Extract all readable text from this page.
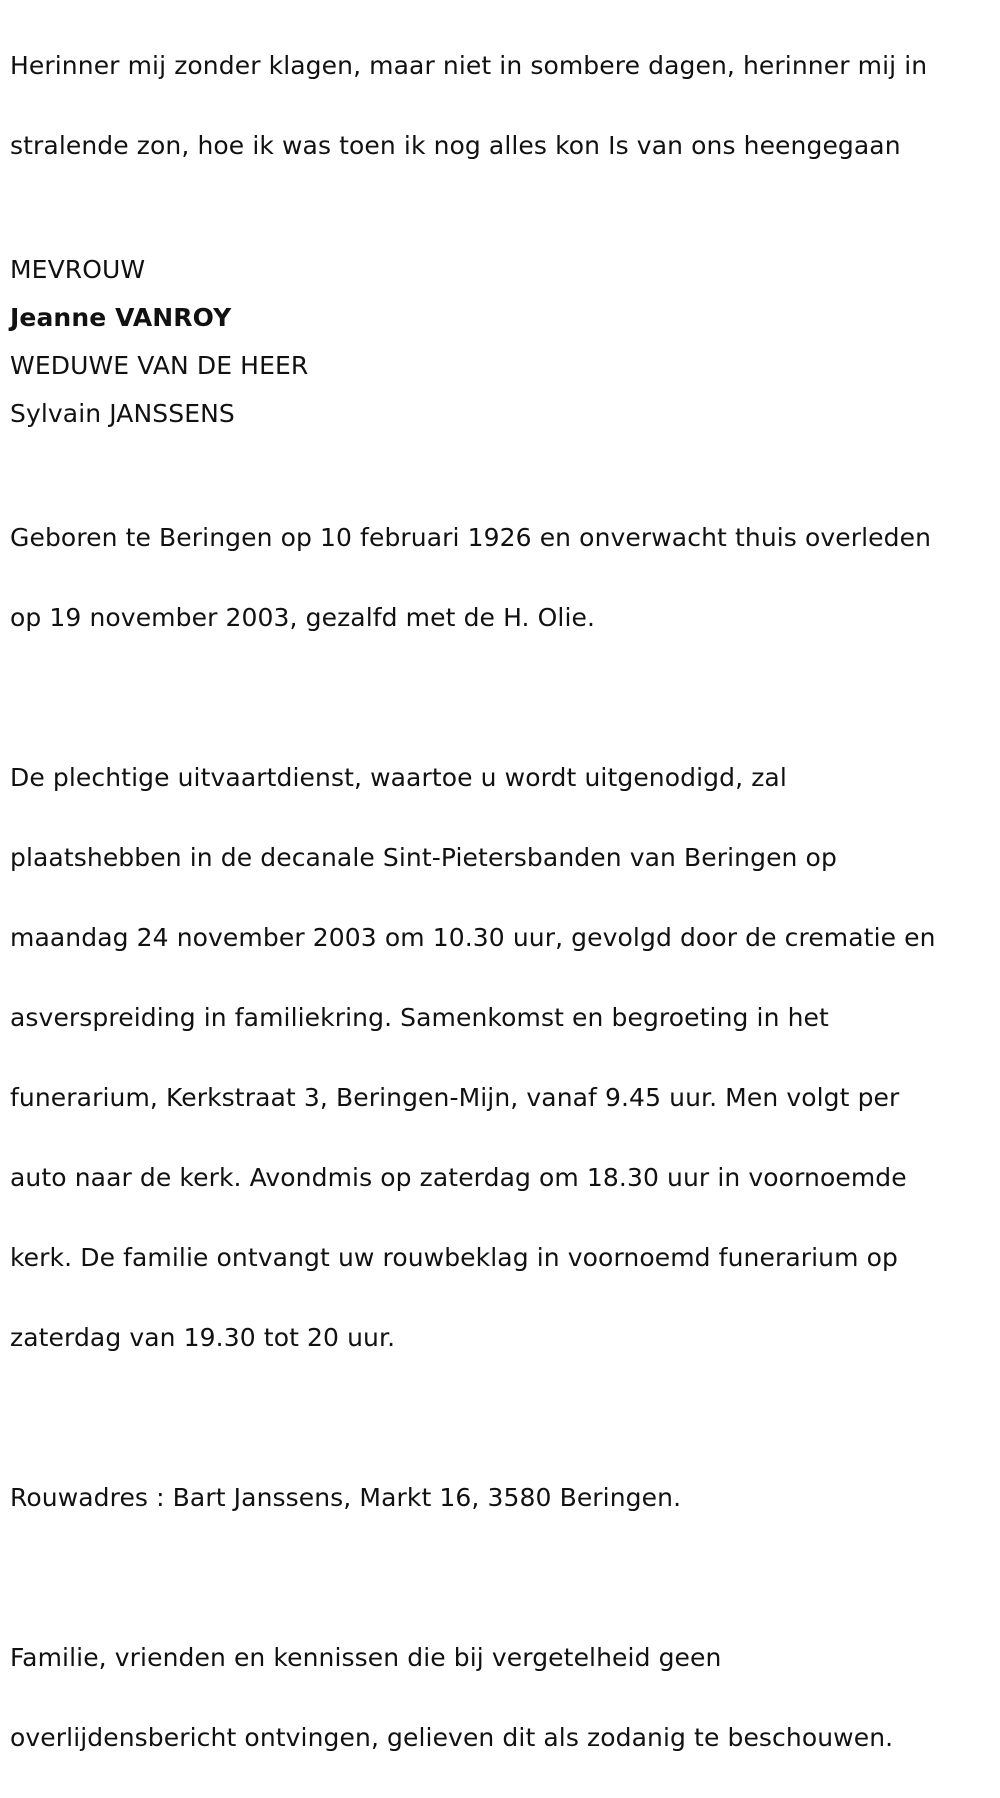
Herinner mij zonder klagen, maar niet in sombere dagen, herinner mij in

stralende zon, hoe ik was toen ik nog alles kon Is van ons heengegaan

MEVROUW
Jeanne VANROY
WEDUWE VAN DE HEER
Sylvain JANSSENS

Geboren te Beringen op 10 februari 1926 en onverwacht thuis overleden

op 19 november 2003, gezalfd met de H. Olie.

De plechtige uitvaartdienst, waartoe u wordt uitgenodigd, zal

plaatshebben in de decanale Sint-Pietersbanden van Beringen op

maandag 24 november 2003 om 10.30 uur, gevolgd door de crematie en

asverspreiding in familiekring. Samenkomst en begroeting in het

funerarium, Kerkstraat 3, Beringen-Mijn, vanaf 9.45 uur. Men volgt per

auto naar de kerk. Avondmis op zaterdag om 18.30 uur in voornoemde

kerk. De familie ontvangt uw rouwbeklag in voornoemd funerarium op

zaterdag van 19.30 tot 20 uur.

Rouwadres : Bart Janssens, Markt 16, 3580 Beringen.

Familie, vrienden en kennissen die bij vergetelheid geen

overlijdensbericht ontvingen, gelieven dit als zodanig te beschouwen.
